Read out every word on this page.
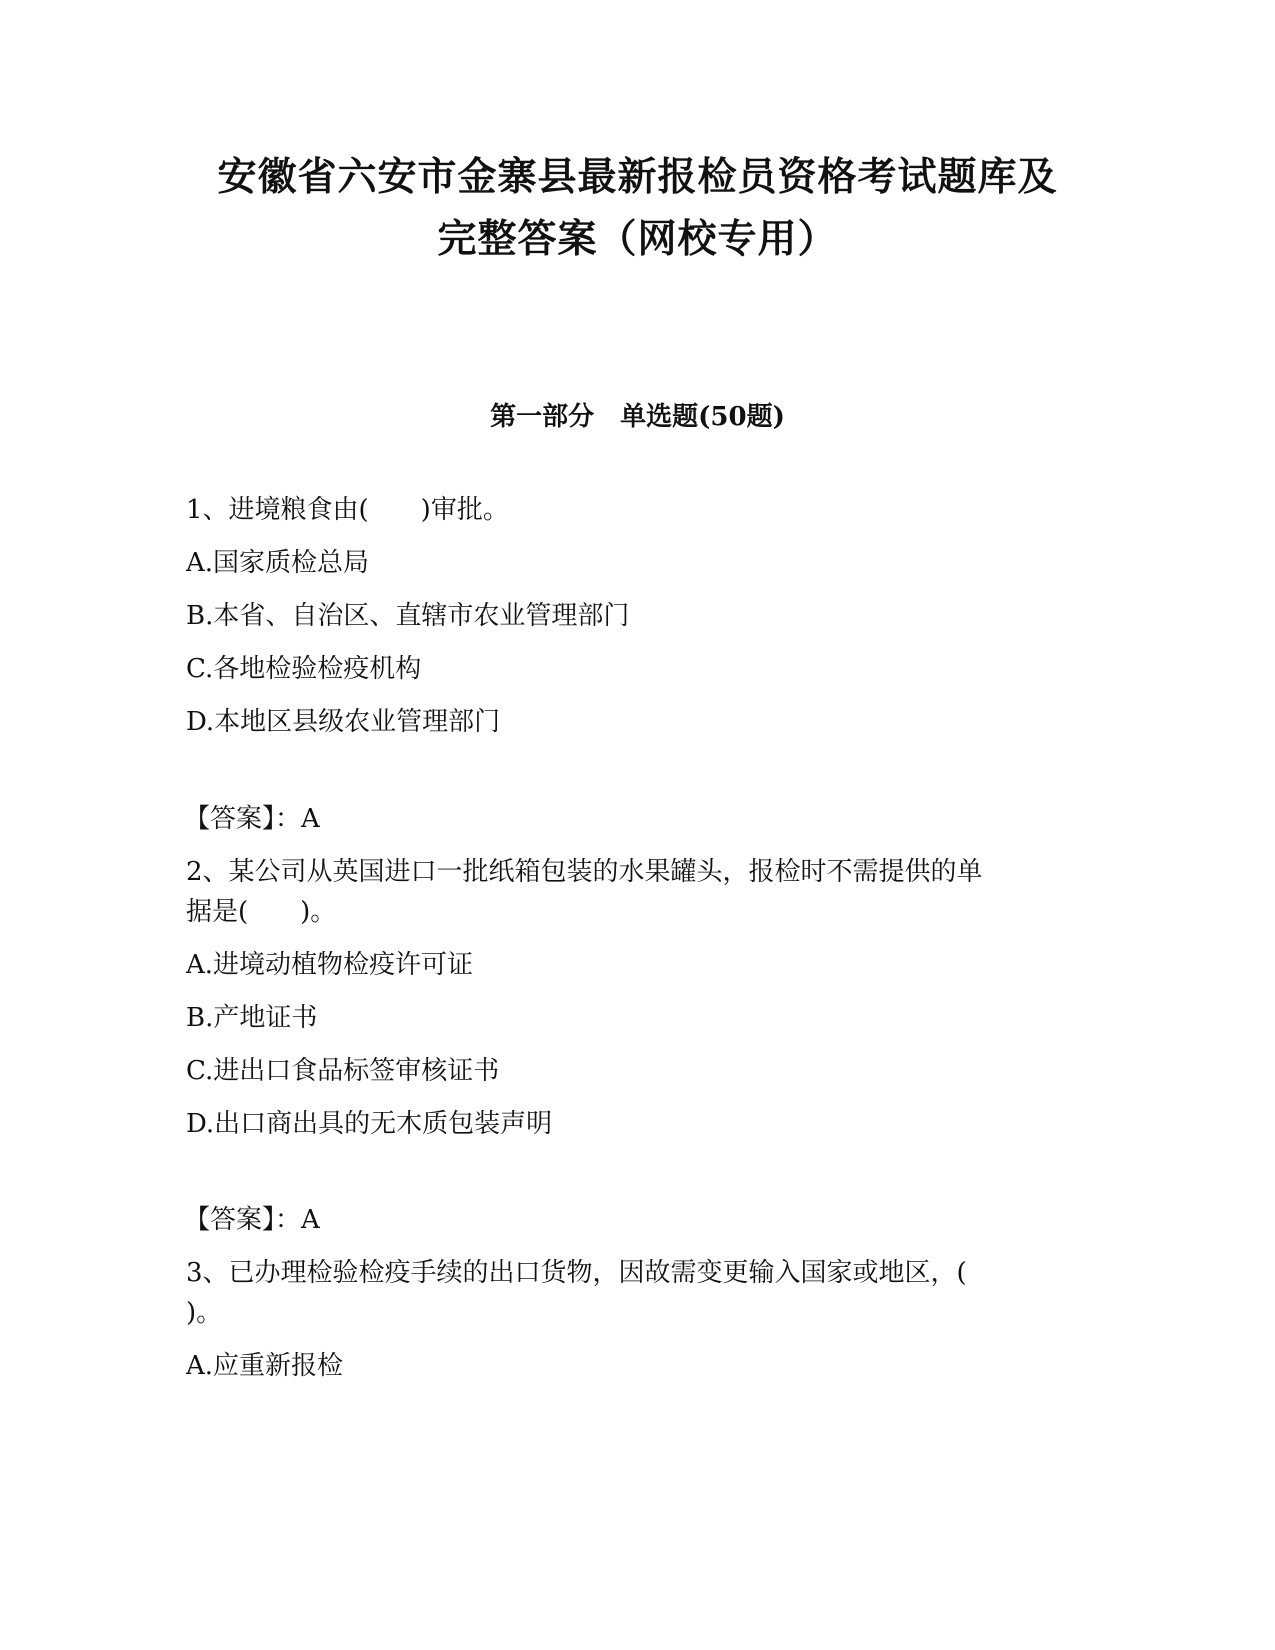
安徽省六安市金寨县最新报检员资格考试题库及
完整答案（网校专用）
第一部分　单选题(50题)

1、进境粮食由(　　)审批。

A.国家质检总局

B.本省、自治区、直辖市农业管理部门

C.各地检验检疫机构

D.本地区县级农业管理部门

【答案】：A

2、某公司从英国进口一批纸箱包装的水果罐头，报检时不需提供的单

据是(　　)。

A.进境动植物检疫许可证

B.产地证书

C.进出口食品标签审核证书

D.出口商出具的无木质包装声明

【答案】：A

3、已办理检验检疫手续的出口货物，因故需变更输入国家或地区，(

)。

A.应重新报检
